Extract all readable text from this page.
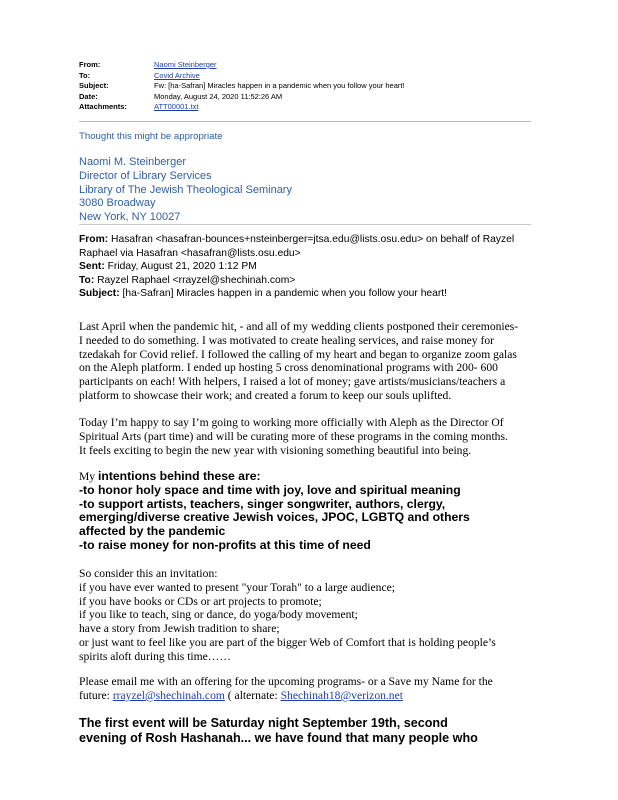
From:	Naomi Steinberger
To:	Covid Archive
Subject:	Fw: [ha-Safran] Miracles happen in a pandemic when you follow your heart!
Date:	Monday, August 24, 2020 11:52:26 AM
Attachments:	ATT00001.txt
Thought this might be appropriate
Naomi M. Steinberger
Director of Library Services
Library of The Jewish Theological Seminary
3080 Broadway
New York, NY 10027
From: Hasafran <hasafran-bounces+nsteinberger=jtsa.edu@lists.osu.edu> on behalf of Rayzel
Raphael via Hasafran <hasafran@lists.osu.edu>
Sent: Friday, August 21, 2020 1:12 PM
To: Rayzel Raphael <rrayzel@shechinah.com>
Subject: [ha-Safran] Miracles happen in a pandemic when you follow your heart!
Last April when the pandemic hit, - and all of my wedding clients postponed their ceremonies-
I needed to do something. I was motivated to create healing services, and raise money for
tzedakah for Covid relief. I followed the calling of my heart and began to organize zoom galas
on the Aleph platform. I ended up hosting 5 cross denominational programs with 200- 600
participants on each! With helpers, I raised a lot of money; gave artists/musicians/teachers a
platform to showcase their work; and created a forum to keep our souls uplifted.
Today I’m happy to say I’m going to working more officially with Aleph as the Director Of
Spiritual Arts (part time) and will be curating more of these programs in the coming months.
It feels exciting to begin the new year with visioning something beautiful into being.
My intentions behind these are:
-to honor holy space and time with joy, love and spiritual meaning
-to support artists, teachers, singer songwriter, authors, clergy,
emerging/diverse creative Jewish voices, JPOC, LGBTQ and others
affected by the pandemic
-to raise money for non-profits at this time of need
So consider this an invitation:
if you have ever wanted to present "your Torah" to a large audience;
if you have books or CDs or art projects to promote;
if you like to teach, sing or dance, do yoga/body movement;
have a story from Jewish tradition to share;
or just want to feel like you are part of the bigger Web of Comfort that is holding people’s
spirits aloft during this time……
Please email me with an offering for the upcoming programs- or a Save my Name for the
future: rrayzel@shechinah.com ( alternate: Shechinah18@verizon.net
The first event will be Saturday night September 19th, second
evening of Rosh Hashanah... we have found that many people who
